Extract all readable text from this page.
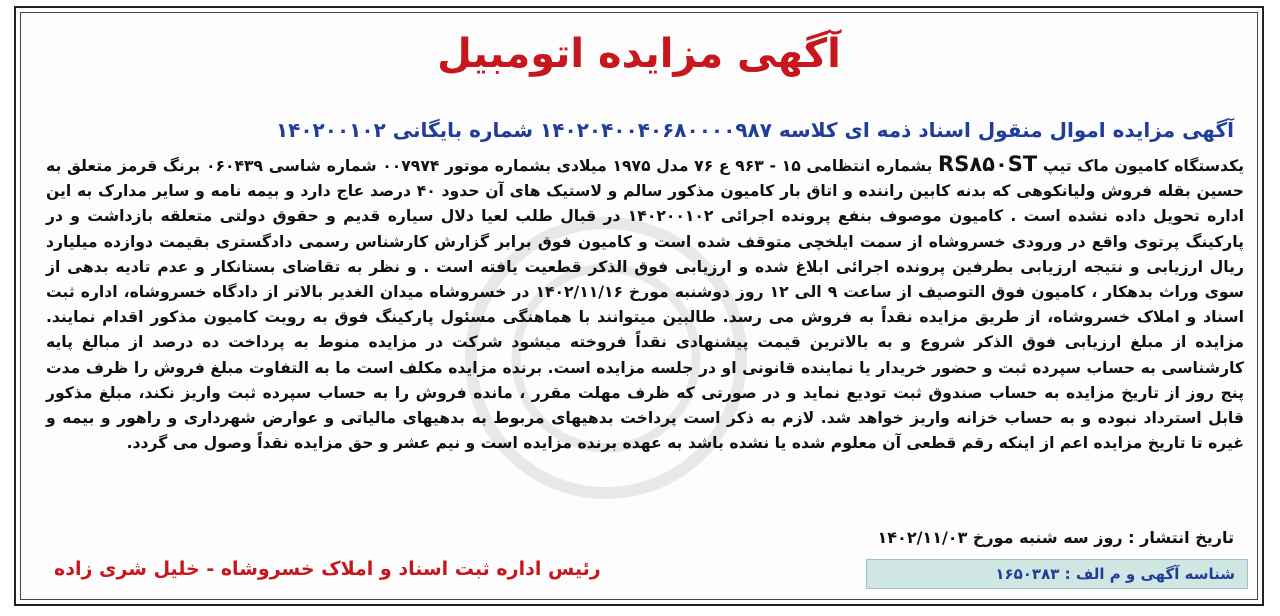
آگهی مزایده اتومبیل
آگهی مزایده اموال منقول اسناد ذمه ای کلاسه ۱۴۰۲۰۴۰۰۴۰۶۸۰۰۰۰۹۸۷ شماره بایگانی ۱۴۰۲۰۰۱۰۲
یکدستگاه کامیون ماک تیپ RS۸۵۰ST بشماره انتظامی ۱۵ - ۹۶۳ ع ۷۶ مدل ۱۹۷۵ میلادی بشماره موتور ۰۰۷۹۷۴ شماره شاسی ۰۶۰۴۳۹ برنگ قرمز متعلق به حسین بقله فروش ولیانکوهی که بدنه کابین راننده و اتاق بار کامیون مذکور سالم و لاستیک های آن حدود ۴۰ درصد عاج دارد و بیمه نامه و سایر مدارک به این اداره تحویل داده نشده است . کامیون موصوف بنفع پرونده اجرائی ۱۴۰۲۰۰۱۰۲ در قبال طلب لعیا دلال سیاره قدیم و حقوق دولتی متعلقه بازداشت و در پارکینگ پرتوی واقع در ورودی خسروشاه از سمت ایلخچی متوقف شده است و کامیون فوق برابر گزارش کارشناس رسمی دادگستری بقیمت دوازده میلیارد ریال ارزیابی و نتیجه ارزیابی بطرفین پرونده اجرائی ابلاغ شده و ارزیابی فوق الذکر قطعیت یافته است . و نظر به تقاضای بستانکار و عدم تادیه بدهی از سوی وراث بدهکار ، کامیون فوق التوصیف از ساعت ۹ الی ۱۲ روز دوشنبه مورخ ۱۴۰۲/۱۱/۱۶ در خسروشاه میدان الغدیر بالاتر از دادگاه خسروشاه، اداره ثبت اسناد و املاک خسروشاه، از طریق مزایده نقداً به فروش می رسد. طالبین میتوانند با هماهنگی مسئول پارکینگ فوق به رویت کامیون مذکور اقدام نمایند. مزایده از مبلغ ارزیابی فوق الذکر شروع و به بالاترین قیمت پیشنهادی نقداً فروخته میشود شرکت در مزایده منوط به پرداخت ده درصد از مبالغ پایه کارشناسی به حساب سپرده ثبت و حضور خریدار یا نماینده قانونی او در جلسه مزایده است. برنده مزایده مکلف است ما به التفاوت مبلغ فروش را ظرف مدت پنج روز از تاریخ مزایده به حساب صندوق ثبت تودیع نماید و در صورتی که ظرف مهلت مقرر ، مانده فروش را به حساب سپرده ثبت واریز نکند، مبلغ مذکور قابل استرداد نبوده و به حساب خزانه واریز خواهد شد. لازم به ذکر است پرداخت بدهیهای مربوط به بدهیهای مالیاتی و عوارض شهرداری و راهور و بیمه و غیره تا تاریخ مزایده اعم از اینکه رقم قطعی آن معلوم شده یا نشده باشد به عهده برنده مزایده است و نیم عشر و حق مزایده نقداً وصول می گردد.
تاریخ انتشار : روز سه شنبه مورخ ۱۴۰۲/۱۱/۰۳
رئیس اداره ثبت اسناد و املاک خسروشاه - خلیل شری زاده	شناسه آگهی و م الف : ۱۶۵۰۳۸۳
